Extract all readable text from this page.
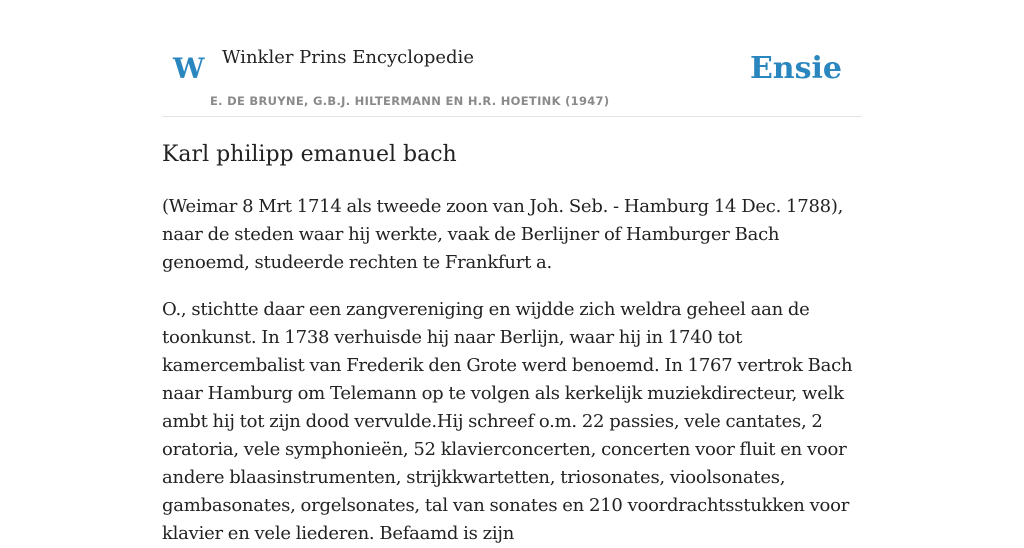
W Winkler Prins Encyclopedie
E. DE BRUYNE, G.B.J. HILTERMANN EN H.R. HOETINK (1947)
Ensie
Karl philipp emanuel bach

(Weimar 8 Mrt 1714 als tweede zoon van Joh. Seb. - Hamburg 14 Dec. 1788), naar de steden waar hij werkte, vaak de Berlijner of Hamburger Bach genoemd, studeerde rechten te Frankfurt a.

O., stichtte daar een zangvereniging en wijdde zich weldra geheel aan de toonkunst. In 1738 verhuisde hij naar Berlijn, waar hij in 1740 tot kamercembalist van Frederik den Grote werd benoemd. In 1767 vertrok Bach naar Hamburg om Telemann op te volgen als kerkelijk muziekdirecteur, welk ambt hij tot zijn dood vervulde.Hij schreef o.m. 22 passies, vele cantates, 2 oratoria, vele symphonieën, 52 klavierconcerten, concerten voor fluit en voor andere blaasinstrumenten, strijkkwartetten, triosonates, vioolsonates, gambasonates, orgelsonates, tal van sonates en 210 voordrachtsstukken voor klavier en vele liederen. Befaamd is zijn
